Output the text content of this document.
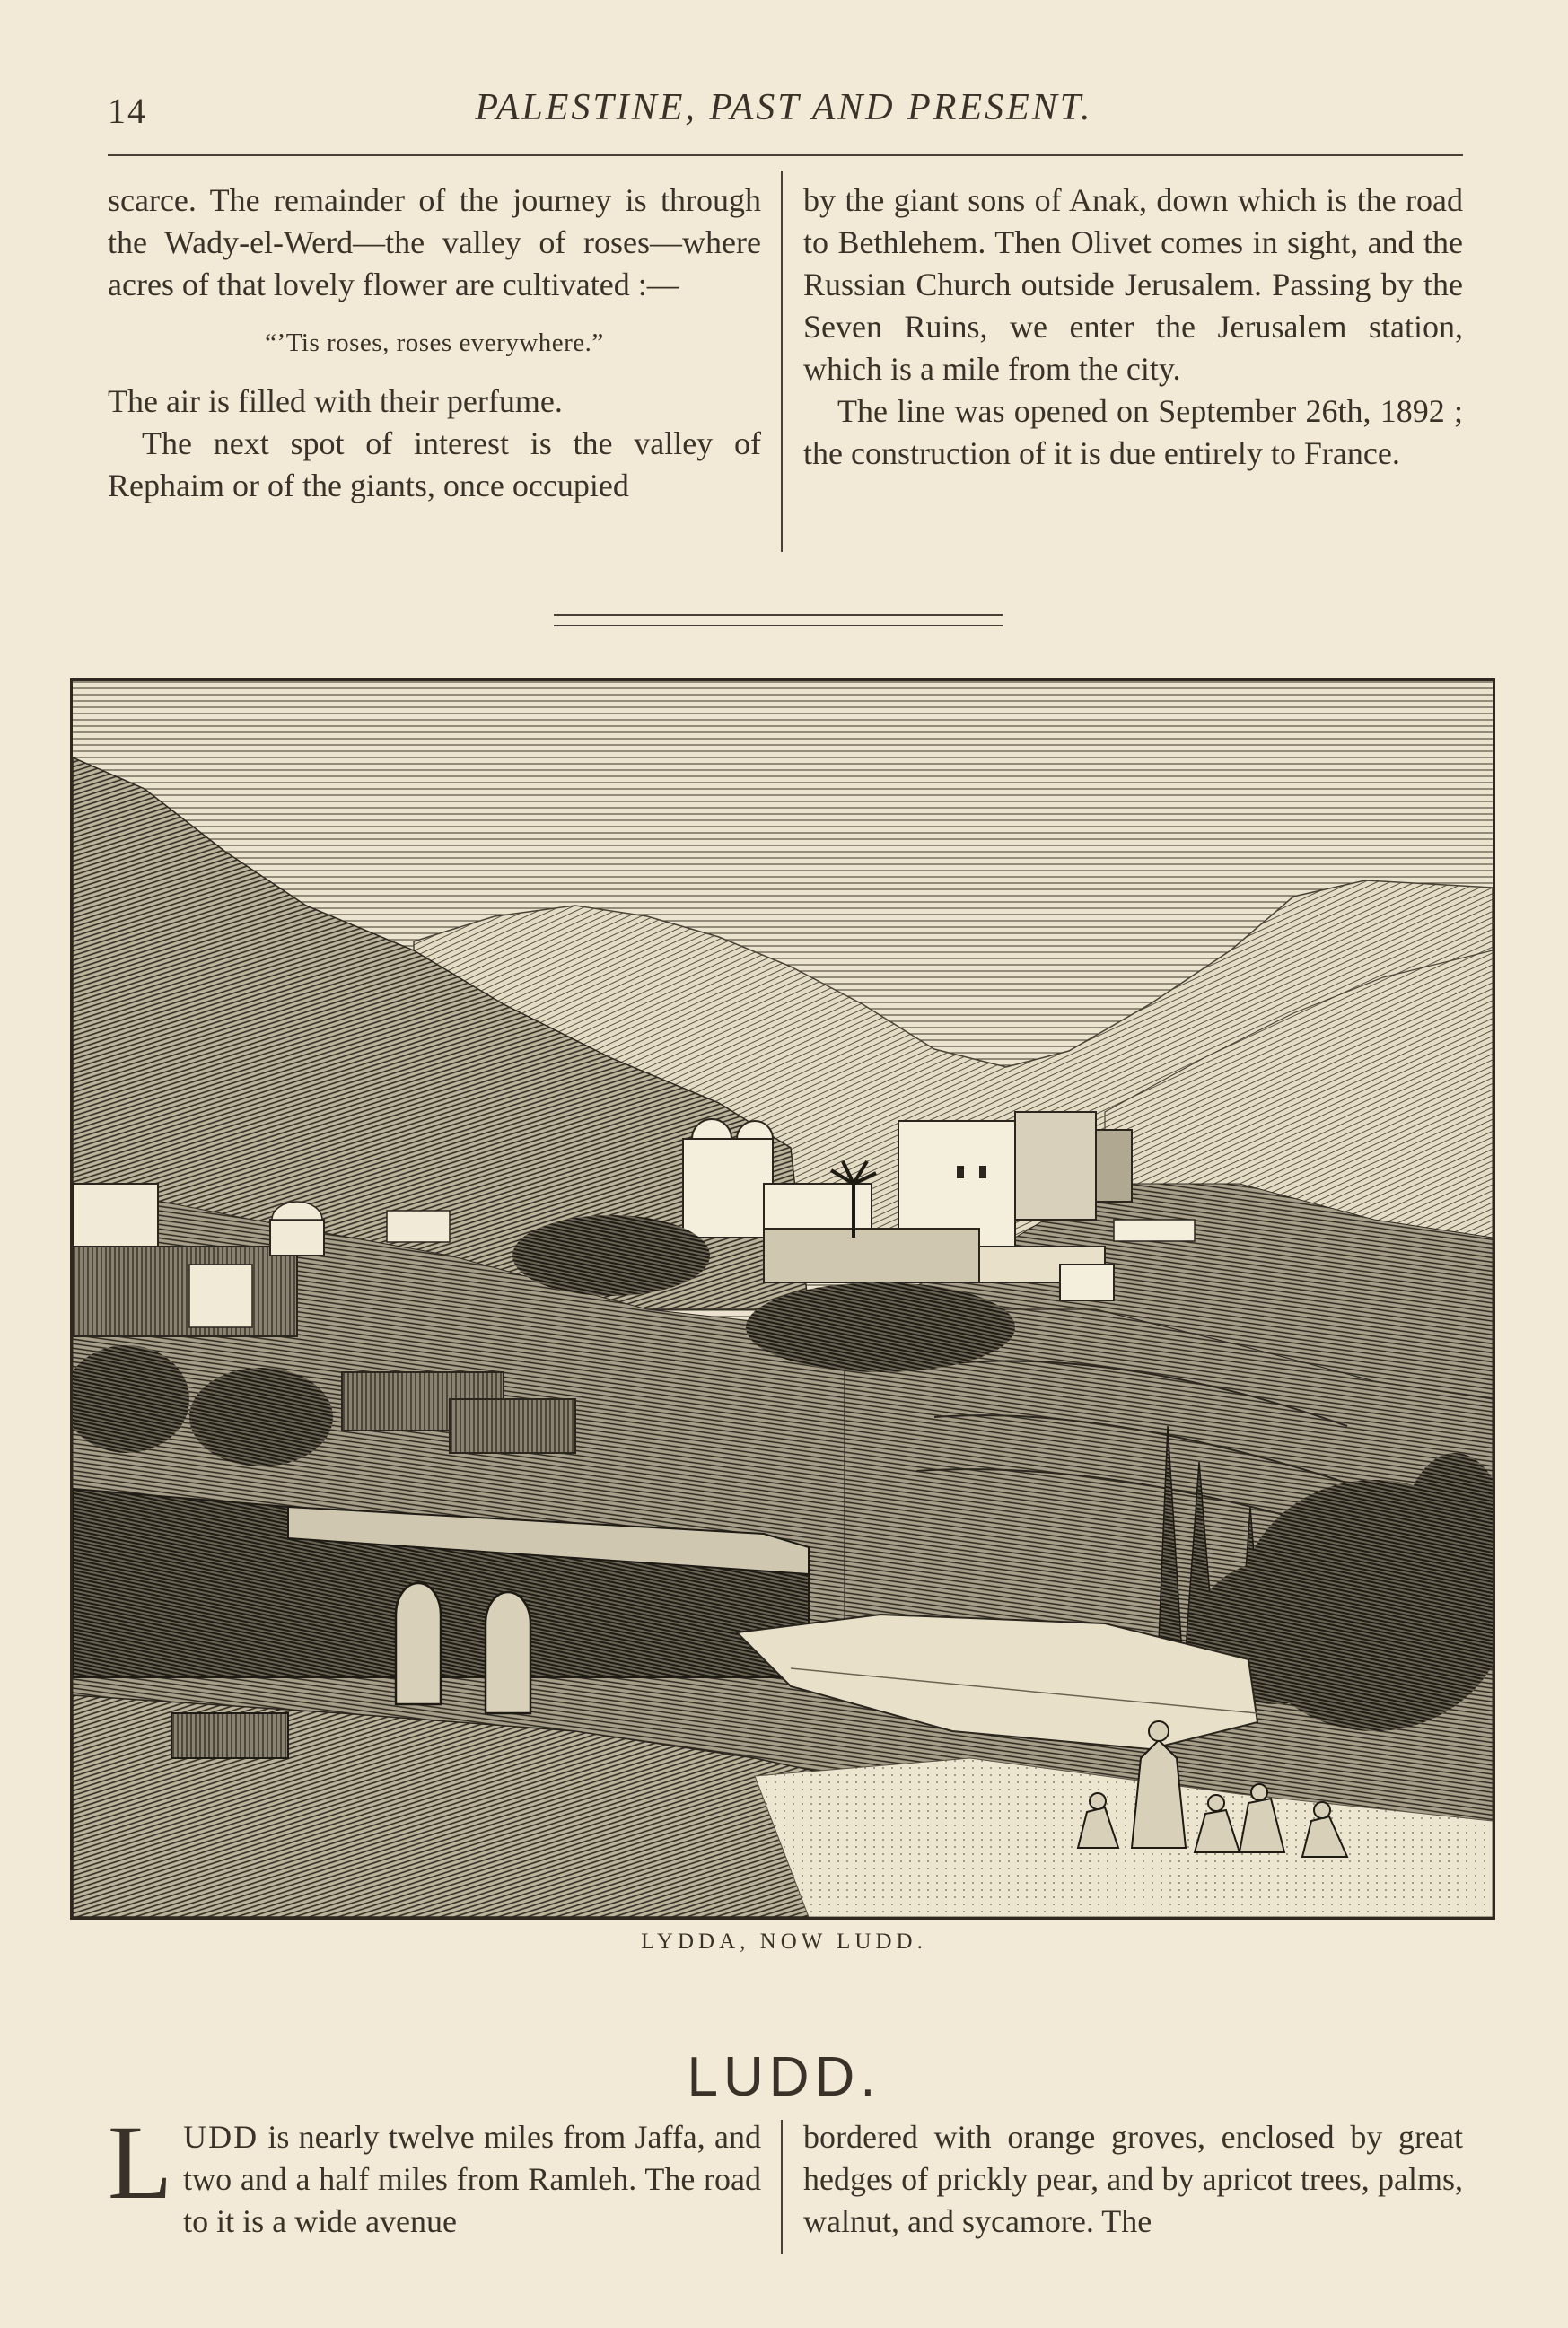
14	PALESTINE, PAST AND PRESENT.

scarce. The remainder of the journey is through the Wady-el-Werd—the valley of roses—where acres of that lovely flower are cultivated :—

“’Tis roses, roses everywhere.”

The air is filled with their perfume.

The next spot of interest is the valley of Rephaim or of the giants, once occupied

by the giant sons of Anak, down which is the road to Bethlehem. Then Olivet comes in sight, and the Russian Church outside Jerusalem. Passing by the Seven Ruins, we enter the Jerusalem station, which is a mile from the city.

The line was opened on September 26th, 1892 ; the construction of it is due entirely to France.

LYDDA, NOW LUDD.
LUDD.
LUDD is nearly twelve miles from Jaffa, and two and a half miles from Ramleh. The road to it is a wide avenue
bordered with orange groves, enclosed by great hedges of prickly pear, and by apricot trees, palms, walnut, and sycamore. The
